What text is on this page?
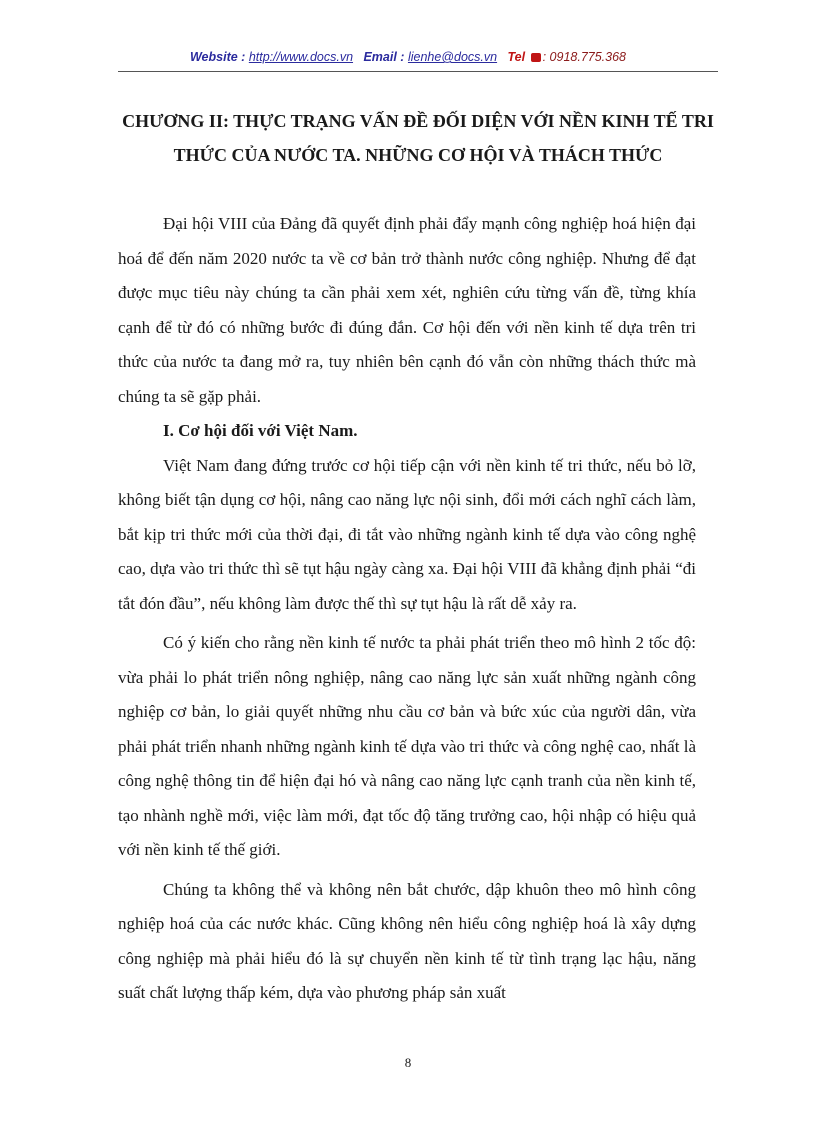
Website : http://www.docs.vn Email : lienhe@docs.vn Tel : 0918.775.368
CHƯƠNG II: THỰC TRẠNG VẤN ĐỀ ĐỐI DIỆN VỚI NỀN KINH TẾ TRI THỨC CỦA NƯỚC TA. NHỮNG CƠ HỘI VÀ THÁCH THỨC

Đại hội VIII của Đảng đã quyết định phải đẩy mạnh công nghiệp hoá hiện đại hoá để đến năm 2020 nước ta về cơ bản trở thành nước công nghiệp. Nhưng để đạt được mục tiêu này chúng ta cần phải xem xét, nghiên cứu từng vấn đề, từng khía cạnh để từ đó có những bước đi đúng đắn. Cơ hội đến với nền kinh tế dựa trên tri thức của nước ta đang mở ra, tuy nhiên bên cạnh đó vẫn còn những thách thức mà chúng ta sẽ gặp phải.

I. Cơ hội đối với Việt Nam.

Việt Nam đang đứng trước cơ hội tiếp cận với nền kinh tế tri thức, nếu bỏ lỡ, không biết tận dụng cơ hội, nâng cao năng lực nội sinh, đổi mới cách nghĩ cách làm, bắt kịp tri thức mới của thời đại, đi tắt vào những ngành kinh tế dựa vào công nghệ cao, dựa vào tri thức thì sẽ tụt hậu ngày càng xa. Đại hội VIII đã khẳng định phải “đi tắt đón đầu”, nếu không làm được thế thì sự tụt hậu là rất dễ xảy ra.

Có ý kiến cho rằng nền kinh tế nước ta phải phát triển theo mô hình 2 tốc độ: vừa phải lo phát triển nông nghiệp, nâng cao năng lực sản xuất những ngành công nghiệp cơ bản, lo giải quyết những nhu cầu cơ bản và bức xúc của người dân, vừa phải phát triển nhanh những ngành kinh tế dựa vào tri thức và công nghệ cao, nhất là công nghệ thông tin để hiện đại hó và nâng cao năng lực cạnh tranh của nền kinh tế, tạo nhành nghề mới, việc làm mới, đạt tốc độ tăng trưởng cao, hội nhập có hiệu quả với nền kinh tế thế giới.

Chúng ta không thể và không nên bắt chước, dập khuôn theo mô hình công nghiệp hoá của các nước khác. Cũng không nên hiểu công nghiệp hoá là xây dựng công nghiệp mà phải hiểu đó là sự chuyển nền kinh tế từ tình trạng lạc hậu, năng suất chất lượng thấp kém, dựa vào phương pháp sản xuất

8
